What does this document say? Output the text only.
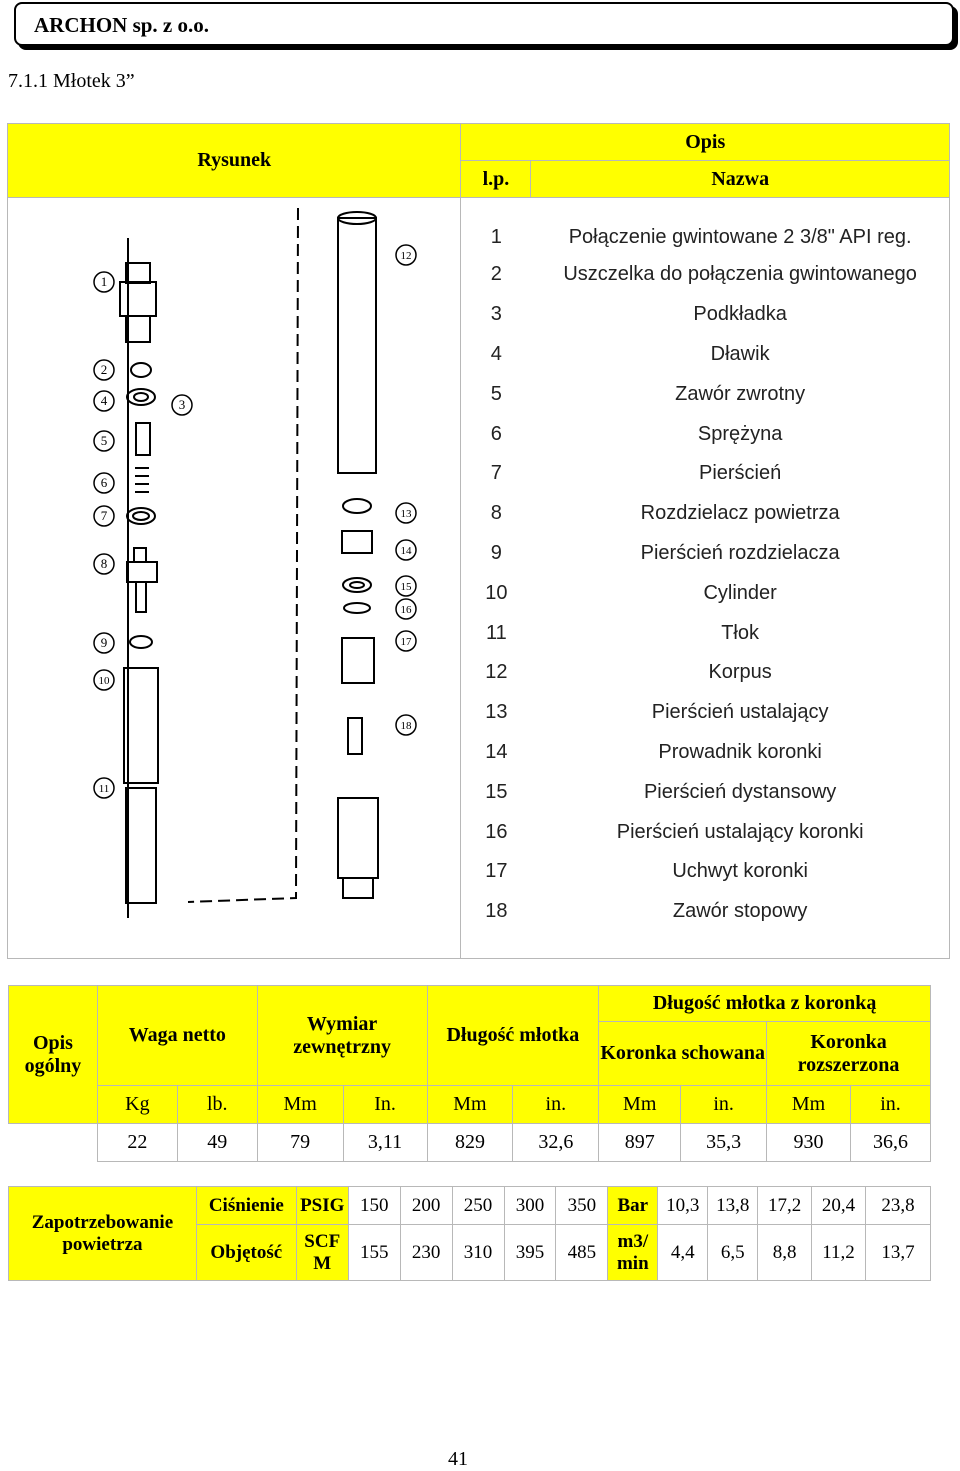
ARCHON sp. z o.o.
7.1.1 Młotek 3”
Rysunek	Opis
l.p.	Nazwa

1
2
3
4
5
6
7
8
9
10
11
12
13
14
15
16
17
18

1	Połączenie gwintowane 2 3/8" API reg.
2	Uszczelka do połączenia gwintowanego
3	Podkładka
4	Dławik
5	Zawór zwrotny
6	Sprężyna
7	Pierścień
8	Rozdzielacz powietrza
9	Pierścień rozdzielacza
10	Cylinder
11	Tłok
12	Korpus
13	Pierścień ustalający
14	Prowadnik koronki
15	Pierścień dystansowy
16	Pierścień ustalający koronki
17	Uchwyt koronki
18	Zawór stopowy
Opis ogólny	Waga netto		Wymiar zewnętrzny		Długość młotka		Długość młotka z koronką			
							Koronka schowana		Koronka rozszerzona	
	Kg	lb.	Mm	In.	Mm	in.	Mm	in.	Mm	in.
	22	49	79	3,11	829	32,6	897	35,3	930	36,6
Zapotrzebowanie powietrza	Ciśnienie	PSIG	150	200	250	300	350	Bar	10,3	13,8	17,2	20,4	23,8
	Objętość	SCF M	155	230	310	395	485	m3/ min	4,4	6,5	8,8	11,2	13,7
41
